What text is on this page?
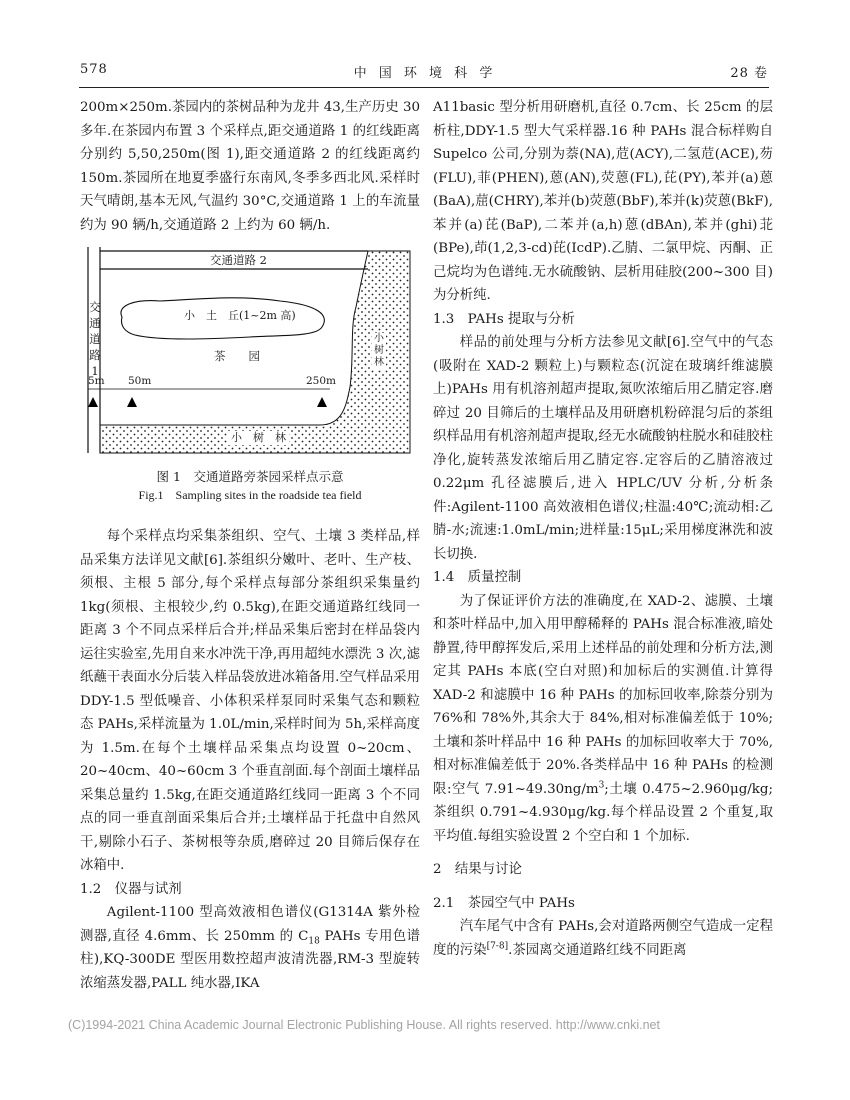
578	中 国 环 境 科 学	28 卷

200m×250m.茶园内的茶树品种为龙井 43,生产历史 30 多年.在茶园内布置 3 个采样点,距交通道路 1 的红线距离分别约 5,50,250m(图 1),距交通道路 2 的红线距离约 150m.茶园所在地夏季盛行东南风,冬季多西北风.采样时天气晴朗,基本无风,气温约 30°C,交通道路 1 上的车流量约为 90 辆/h,交通道路 2 上约为 60 辆/h.

交通道路 2
交
通
道
路
1
小　土　丘(1~2m 高)
茶　　园
小
树
林
小　树　林
5m 50m	250m

图 1　交通道路旁茶园采样点示意

Fig.1　Sampling sites in the roadside tea field

每个采样点均采集茶组织、空气、土壤 3 类样品,样品采集方法详见文献[6].茶组织分嫩叶、老叶、生产枝、须根、主根 5 部分,每个采样点每部分茶组织采集量约 1kg(须根、主根较少,约 0.5kg),在距交通道路红线同一距离 3 个不同点采样后合并;样品采集后密封在样品袋内运往实验室,先用自来水冲洗干净,再用超纯水漂洗 3 次,滤纸蘸干表面水分后装入样品袋放进冰箱备用.空气样品采用 DDY-1.5 型低噪音、小体积采样泵同时采集气态和颗粒态 PAHs,采样流量为 1.0L/min,采样时间为 5h,采样高度为 1.5m.在每个土壤样品采集点均设置 0~20cm、20~40cm、40~60cm 3 个垂直剖面.每个剖面土壤样品采集总量约 1.5kg,在距交通道路红线同一距离 3 个不同点的同一垂直剖面采集后合并;土壤样品于托盘中自然风干,剔除小石子、茶树根等杂质,磨碎过 20 目筛后保存在冰箱中.

1.2　仪器与试剂

Agilent-1100 型高效液相色谱仪(G1314A 紫外检测器,直径 4.6mm、长 250mm 的 $C_{18}$ PAHs 专用色谱柱),KQ-300DE 型医用数控超声波清洗器,RM-3 型旋转浓缩蒸发器,PALL 纯水器,IKA

A11basic 型分析用研磨机,直径 0.7cm、长 25cm 的层析柱,DDY-1.5 型大气采样器.16 种 PAHs 混合标样购自 Supelco 公司,分别为萘(NA),苊(ACY),二氢苊(ACE),芴(FLU),菲(PHEN),蒽(AN),荧蒽(FL),芘(PY),苯并(a)蒽(BaA),䓛(CHRY),苯并(b)荧蒽(BbF),苯并(k)荧蒽(BkF),苯并(a)芘(BaP),二苯并(a,h)蒽(dBAn),苯并(ghi)苝(BPe),茚(1,2,3-cd)芘(IcdP).乙腈、二氯甲烷、丙酮、正己烷均为色谱纯.无水硫酸钠、层析用硅胶(200~300 目)为分析纯.

1.3　PAHs 提取与分析

样品的前处理与分析方法参见文献[6].空气中的气态(吸附在 XAD-2 颗粒上)与颗粒态(沉淀在玻璃纤维滤膜上)PAHs 用有机溶剂超声提取,氮吹浓缩后用乙腈定容.磨碎过 20 目筛后的土壤样品及用研磨机粉碎混匀后的茶组织样品用有机溶剂超声提取,经无水硫酸钠柱脱水和硅胶柱净化,旋转蒸发浓缩后用乙腈定容.定容后的乙腈溶液过 0.22μm 孔径滤膜后,进入 HPLC/UV 分析,分析条件:Agilent-1100 高效液相色谱仪;柱温:40℃;流动相:乙腈-水;流速:1.0mL/min;进样量:15μL;采用梯度淋洗和波长切换.

1.4　质量控制

为了保证评价方法的准确度,在 XAD-2、滤膜、土壤和茶叶样品中,加入用甲醇稀释的 PAHs 混合标准液,暗处静置,待甲醇挥发后,采用上述样品的前处理和分析方法,测定其 PAHs 本底(空白对照)和加标后的实测值.计算得 XAD-2 和滤膜中 16 种 PAHs 的加标回收率,除萘分别为 76%和 78%外,其余大于 84%,相对标准偏差低于 10%;土壤和茶叶样品中 16 种 PAHs 的加标回收率大于 70%,相对标准偏差低于 20%.各类样品中 16 种 PAHs 的检测限:空气 $7.91\sim 49.30ng/m^3$;土壤 0.475~2.960μg/kg;茶组织 0.791~4.930μg/kg.每个样品设置 2 个重复,取平均值.每组实验设置 2 个空白和 1 个加标.

2　结果与讨论

2.1　茶园空气中 PAHs

汽车尾气中含有 PAHs,会对道路两侧空气造成一定程度的污染[7-8].茶园离交通道路红线不同距离

(C)1994-2021 China Academic Journal Electronic Publishing House. All rights reserved. http://www.cnki.net
